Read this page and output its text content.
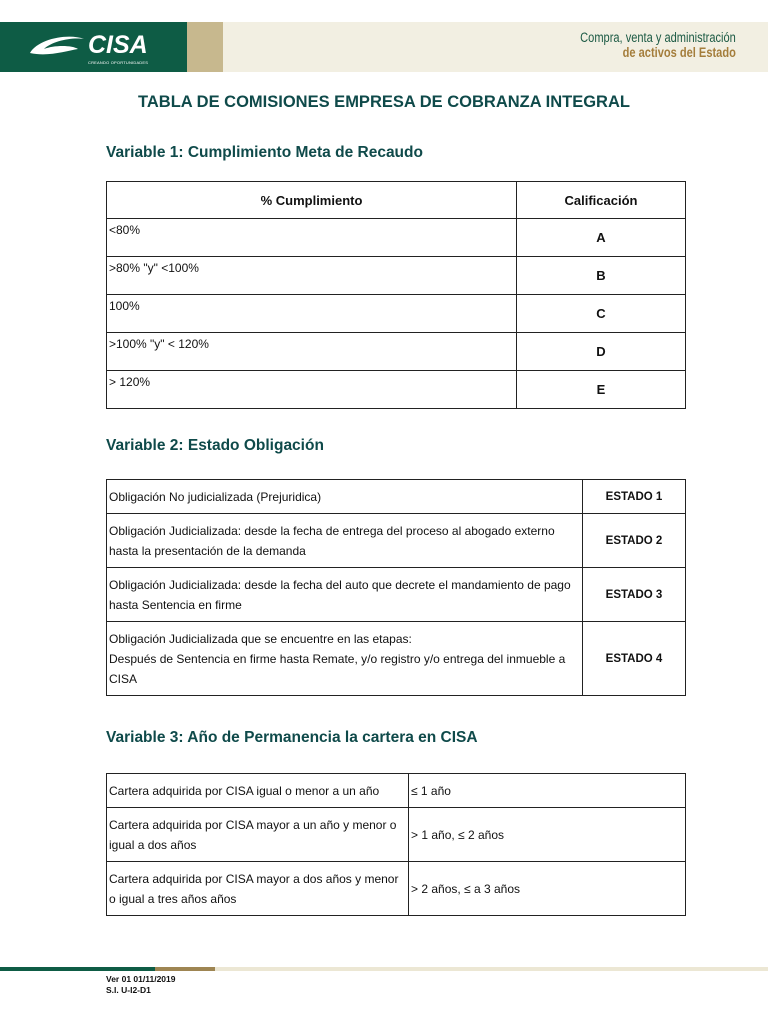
CISA
CREANDO OPORTUNIDADES
Compra, venta y administración
de activos del Estado
TABLA DE COMISIONES EMPRESA DE COBRANZA INTEGRAL
Variable 1: Cumplimiento Meta de Recaudo
% Cumplimiento	Calificación
<80%	A
>80% "y" <100%	B
100%	C
>100% "y" < 120%	D
> 120%	E
Variable 2: Estado Obligación
Obligación No judicializada (Prejuridica)	ESTADO 1
Obligación Judicializada: desde la fecha de entrega del proceso al abogado externo hasta la presentación de la demanda	ESTADO 2
Obligación Judicializada: desde la fecha del auto que decrete el mandamiento de pago hasta Sentencia en firme	ESTADO 3

Obligación Judicializada que se encuentre en las etapas:
Después de Sentencia en firme hasta Remate, y/o registro y/o entrega del inmueble a CISA	ESTADO 4
Variable 3: Año de Permanencia la cartera en CISA
Cartera adquirida por CISA igual o menor a un año	≤ 1 año
Cartera adquirida por CISA mayor a un año y menor o igual a dos años	> 1 año, ≤ 2 años
Cartera adquirida por CISA mayor a dos años y menor o igual a tres años años	> 2 años, ≤ a 3 años
Ver 01 01/11/2019
S.I. U-I2-D1
